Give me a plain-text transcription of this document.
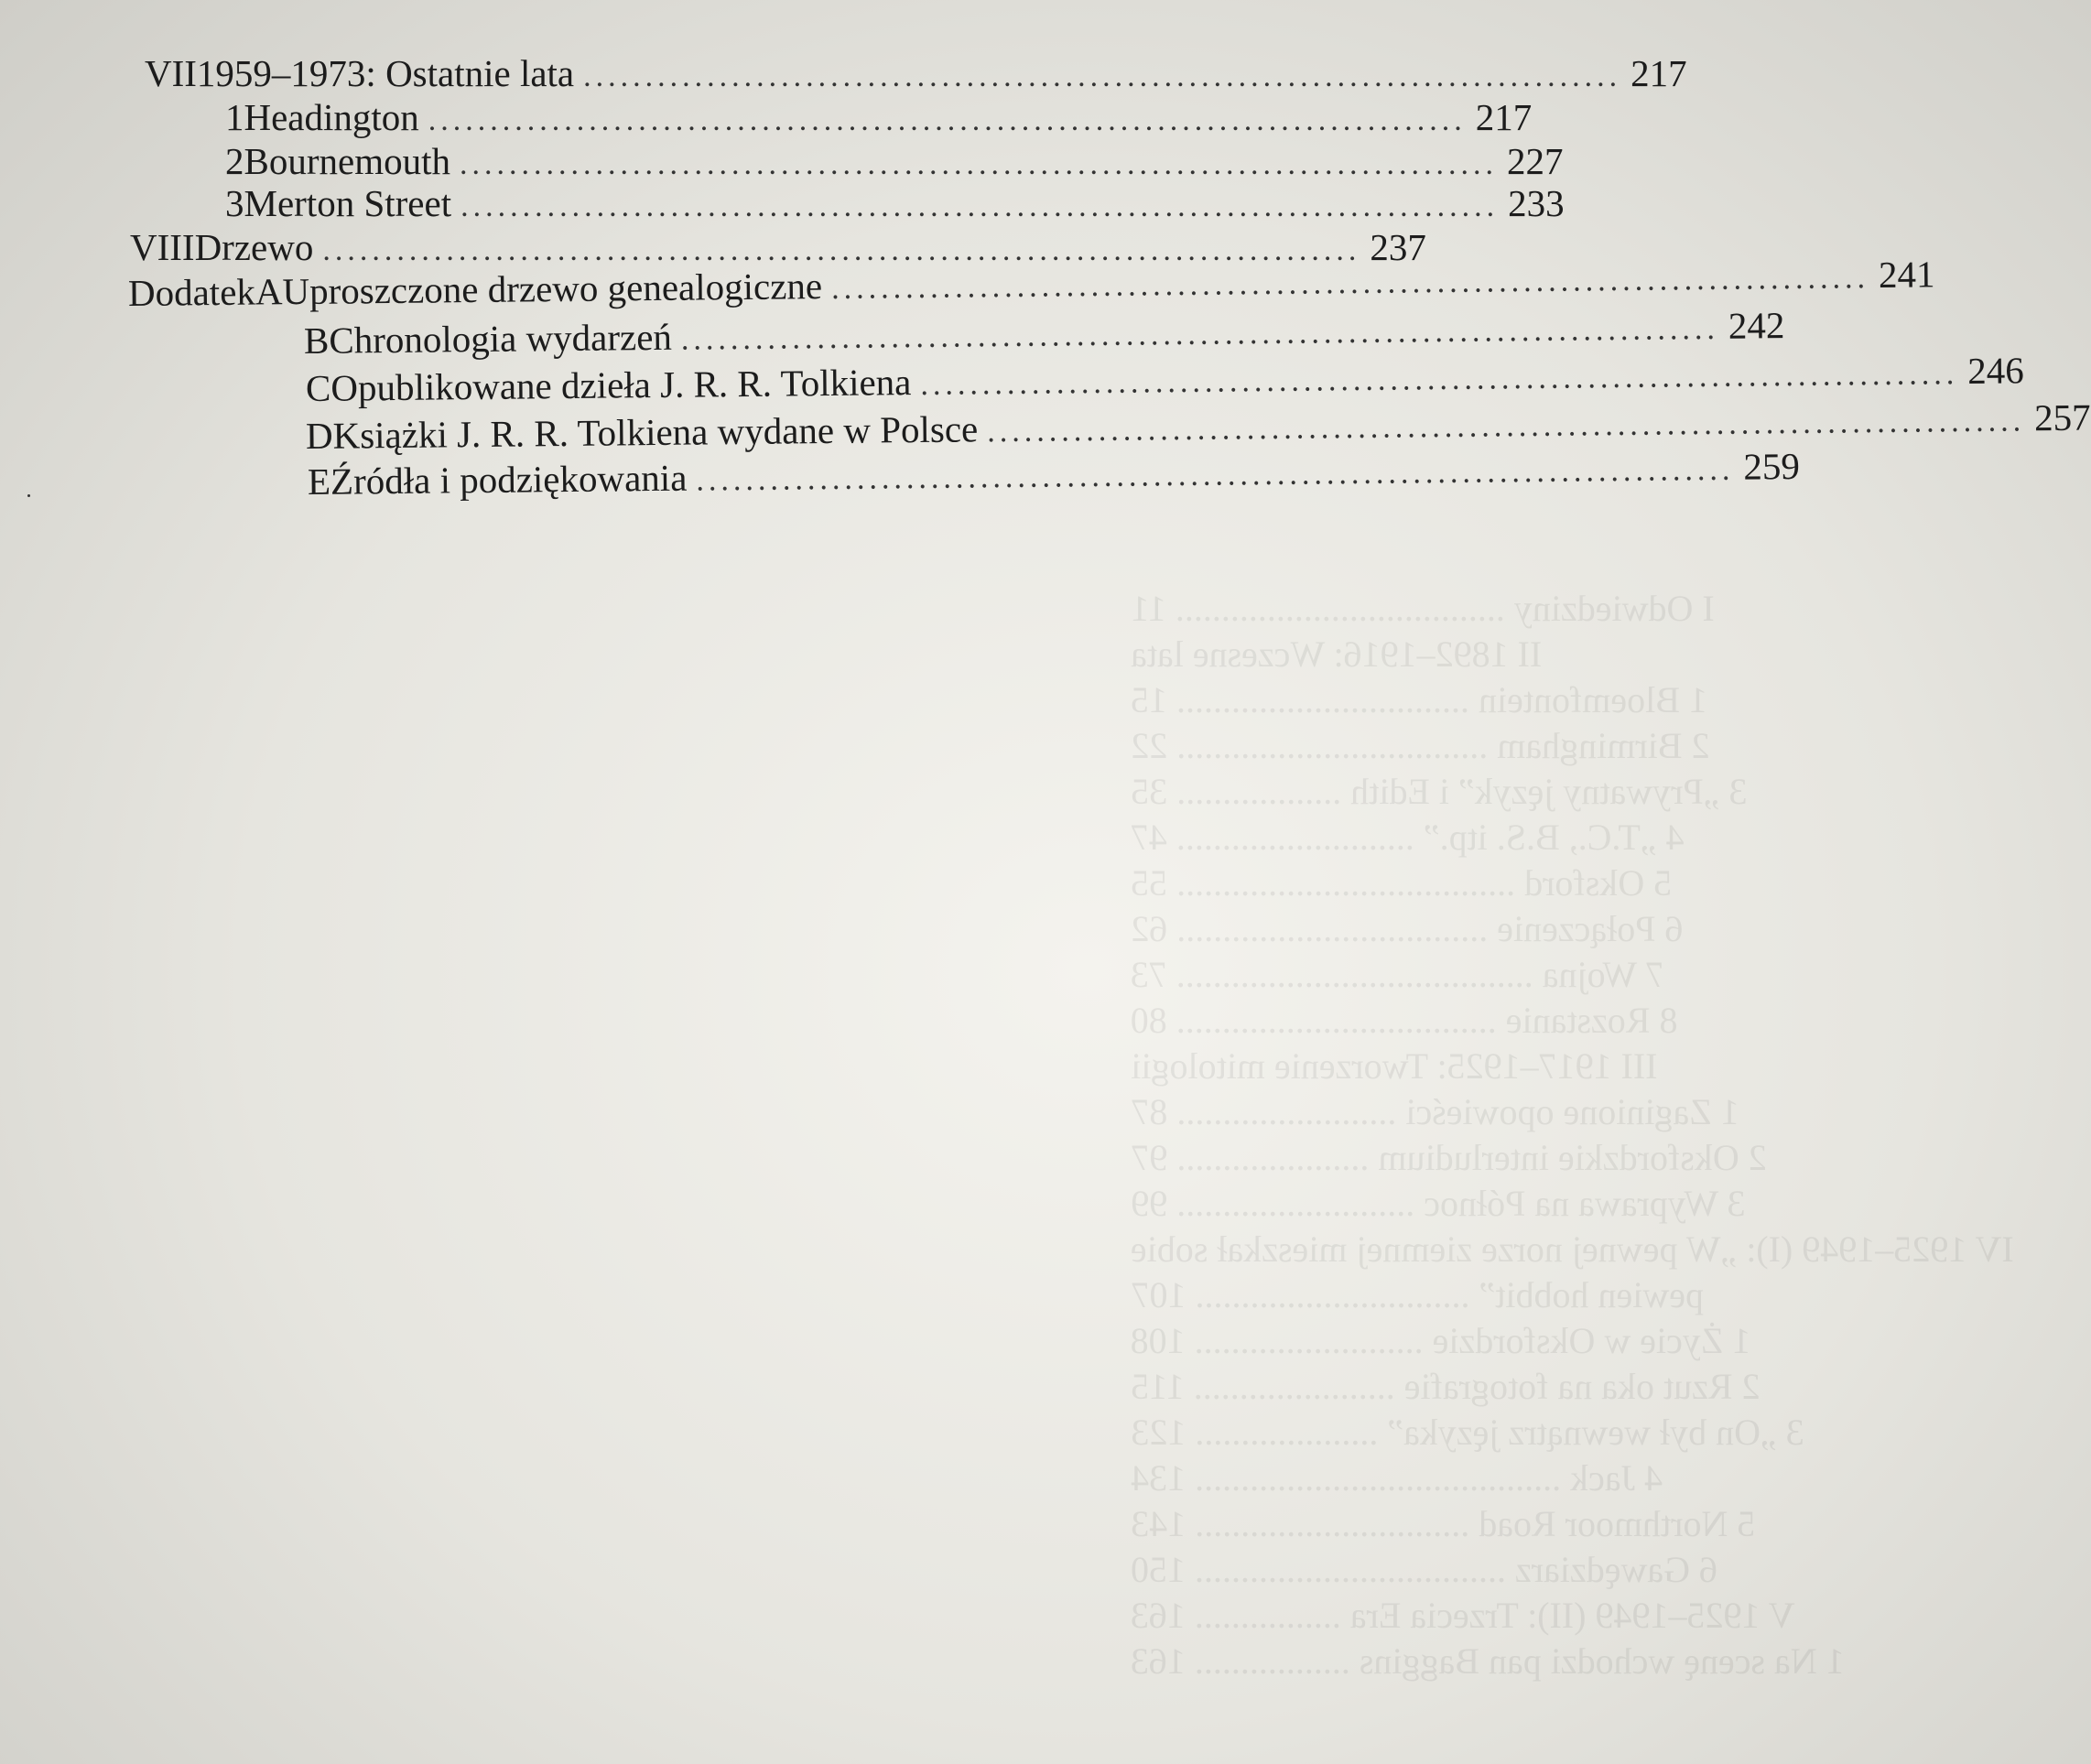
I Odwiedziny .................................... 11
II 1892–1916: Wczesne lata
1 Bloemfontein ................................ 15
2 Birmingham .................................. 22
3 „Prywatny język” i Edith .................. 35
4 „T.C., B.S. itp.” .......................... 47
5 Oksford ..................................... 55
6 Połączenie .................................. 62
7 Wojna ....................................... 73
8 Rozstanie ................................... 80
III 1917–1925: Tworzenie mitologii
1 Zaginione opowieści ........................ 87
2 Oksfordzkie interludium ..................... 97
3 Wyprawa na Północ .......................... 99
IV 1925–1949 (I): „W pewnej norze ziemnej mieszkał sobie
pewien hobbit” .............................. 107
1 Życie w Oksfordzie ......................... 108
2 Rzut oka na fotografie ...................... 115
3 „On był wewnątrz języka” .................... 123
4 Jack ........................................ 134
5 Northmoor Road .............................. 143
6 Gawędziarz .................................. 150
V 1925–1949 (II): Trzecia Era ................ 163
1 Na scenę wchodzi pan Baggins ................. 163
VII 1959–1973: Ostatnie lata .................................................................................... 217
1 Headington .................................................................................... 217
2 Bournemouth .................................................................................... 227
3 Merton Street .................................................................................... 233
VIII Drzewo .................................................................................... 237
Dodatek A Uproszczone drzewo genealogiczne .................................................................................... 241
B Chronologia wydarzeń .................................................................................... 242
C Opublikowane dzieła J. R. R. Tolkiena .................................................................................... 246
D Książki J. R. R. Tolkiena wydane w Polsce .................................................................................... 257
E Źródła i podziękowania .................................................................................... 259
